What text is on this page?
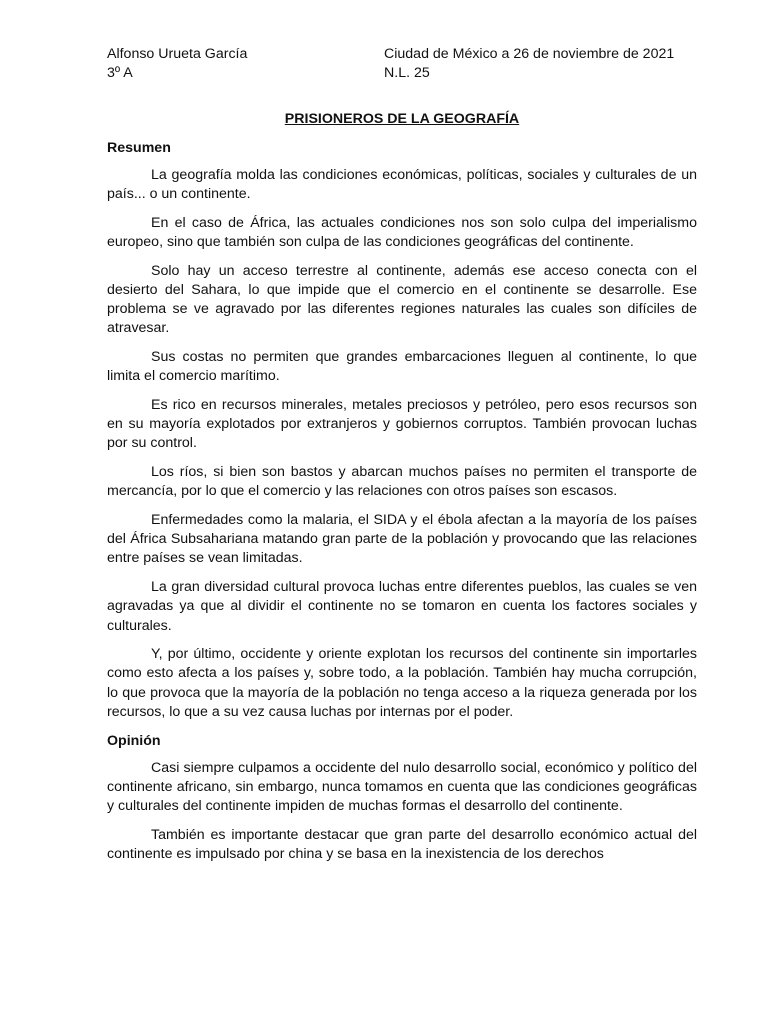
Alfonso Urueta García
3º A
Ciudad de México a 26 de noviembre de 2021
N.L. 25
PRISIONEROS DE LA GEOGRAFÍA
Resumen

La geografía molda las condiciones económicas, políticas, sociales y culturales de un país... o un continente.

En el caso de África, las actuales condiciones nos son solo culpa del imperialismo europeo, sino que también son culpa de las condiciones geográficas del continente.

Solo hay un acceso terrestre al continente, además ese acceso conecta con el desierto del Sahara, lo que impide que el comercio en el continente se desarrolle. Ese problema se ve agravado por las diferentes regiones naturales las cuales son difíciles de atravesar.

Sus costas no permiten que grandes embarcaciones lleguen al continente, lo que limita el comercio marítimo.

Es rico en recursos minerales, metales preciosos y petróleo, pero esos recursos son en su mayoría explotados por extranjeros y gobiernos corruptos. También provocan luchas por su control.

Los ríos, si bien son bastos y abarcan muchos países no permiten el transporte de mercancía, por lo que el comercio y las relaciones con otros países son escasos.

Enfermedades como la malaria, el SIDA y el ébola afectan a la mayoría de los países del África Subsahariana matando gran parte de la población y provocando que las relaciones entre países se vean limitadas.

La gran diversidad cultural provoca luchas entre diferentes pueblos, las cuales se ven agravadas ya que al dividir el continente no se tomaron en cuenta los factores sociales y culturales.

Y, por último, occidente y oriente explotan los recursos del continente sin importarles como esto afecta a los países y, sobre todo, a la población. También hay mucha corrupción, lo que provoca que la mayoría de la población no tenga acceso a la riqueza generada por los recursos, lo que a su vez causa luchas por internas por el poder.

Opinión

Casi siempre culpamos a occidente del nulo desarrollo social, económico y político del continente africano, sin embargo, nunca tomamos en cuenta que las condiciones geográficas y culturales del continente impiden de muchas formas el desarrollo del continente.

También es importante destacar que gran parte del desarrollo económico actual del continente es impulsado por china y se basa en la inexistencia de los derechos
